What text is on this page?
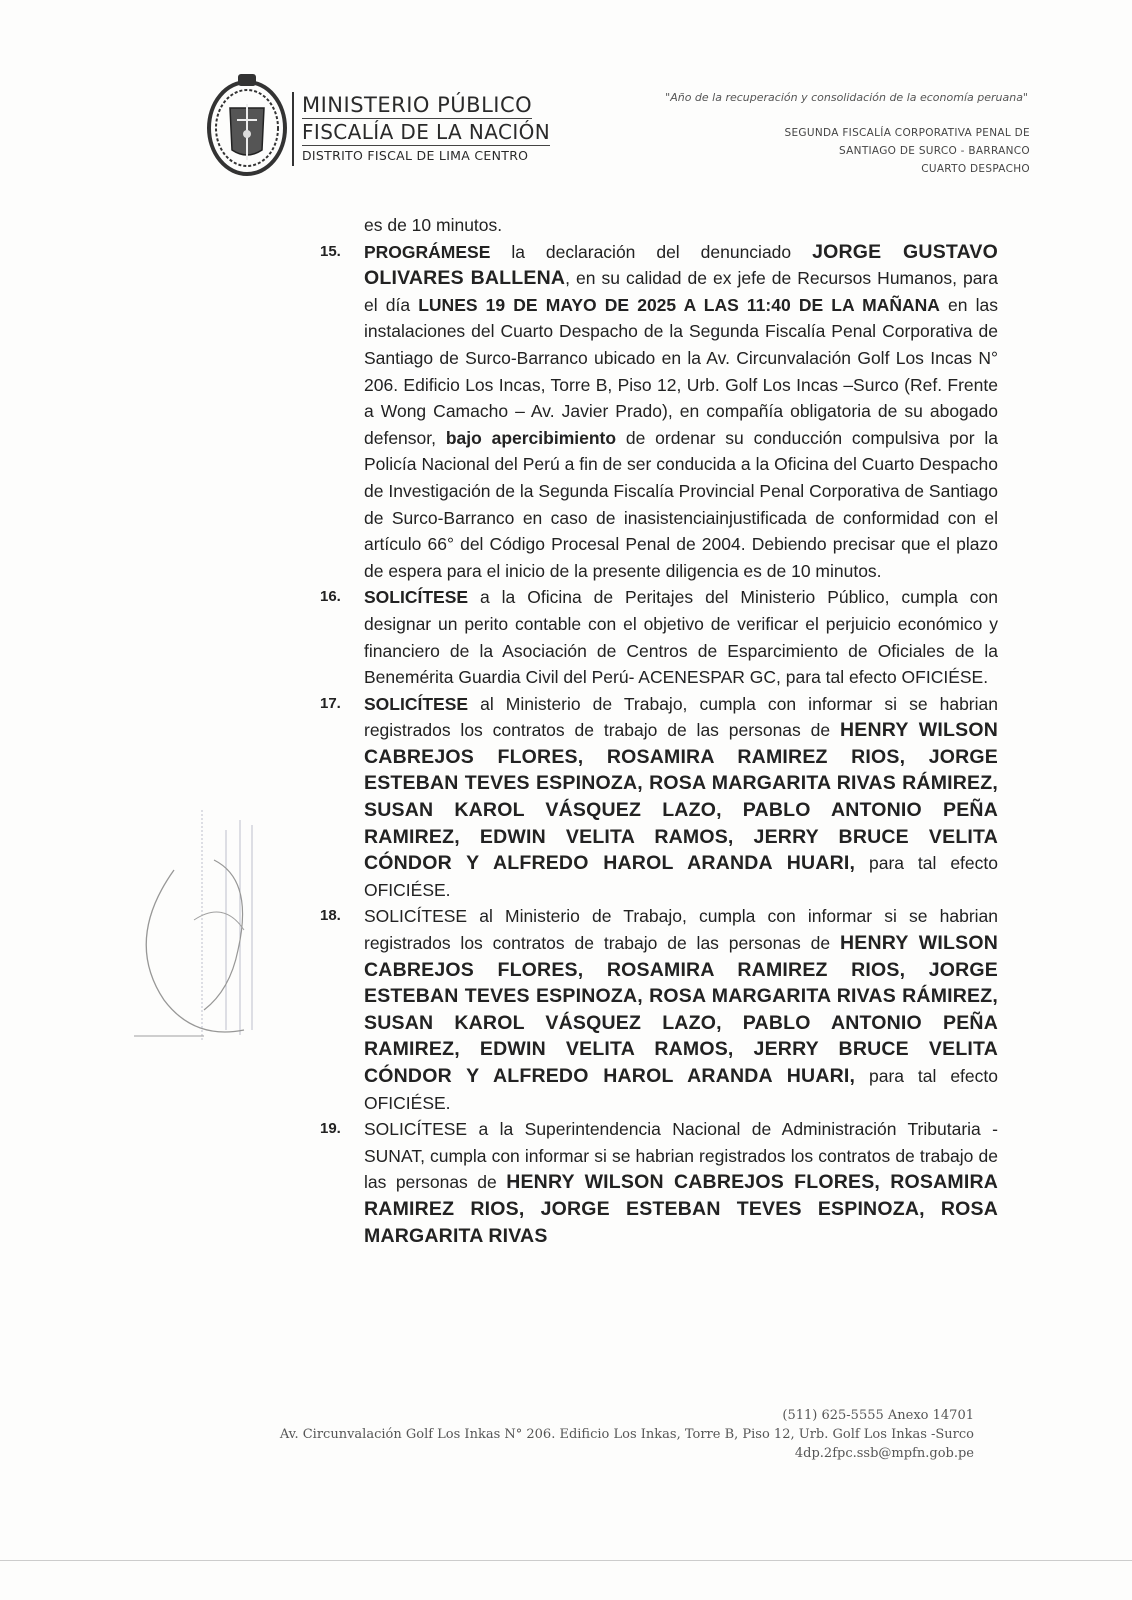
MINISTERIO PÚBLICO
FISCALÍA DE LA NACIÓN
DISTRITO FISCAL DE LIMA CENTRO
"Año de la recuperación y consolidación de la economía peruana"
SEGUNDA FISCALÍA CORPORATIVA PENAL DE
SANTIAGO DE SURCO - BARRANCO
CUARTO DESPACHO

es de 10 minutos.

15. PROGRÁMESE la declaración del denunciado JORGE GUSTAVO OLIVARES BALLENA, en su calidad de ex jefe de Recursos Humanos, para el día LUNES 19 DE MAYO DE 2025 A LAS 11:40 DE LA MAÑANA en las instalaciones del Cuarto Despacho de la Segunda Fiscalía Penal Corporativa de Santiago de Surco-Barranco ubicado en la Av. Circunvalación Golf Los Incas N° 206. Edificio Los Incas, Torre B, Piso 12, Urb. Golf Los Incas –Surco (Ref. Frente a Wong Camacho – Av. Javier Prado), en compañía obligatoria de su abogado defensor, bajo apercibimiento de ordenar su conducción compulsiva por la Policía Nacional del Perú a fin de ser conducida a la Oficina del Cuarto Despacho de Investigación de la Segunda Fiscalía Provincial Penal Corporativa de Santiago de Surco-Barranco en caso de inasistenciainjustificada de conformidad con el artículo 66° del Código Procesal Penal de 2004. Debiendo precisar que el plazo de espera para el inicio de la presente diligencia es de 10 minutos.
16. SOLICÍTESE a la Oficina de Peritajes del Ministerio Público, cumpla con designar un perito contable con el objetivo de verificar el perjuicio económico y financiero de la Asociación de Centros de Esparcimiento de Oficiales de la Benemérita Guardia Civil del Perú- ACENESPAR GC, para tal efecto OFICIÉSE.
17. SOLICÍTESE al Ministerio de Trabajo, cumpla con informar si se habrian registrados los contratos de trabajo de las personas de HENRY WILSON CABREJOS FLORES, ROSAMIRA RAMIREZ RIOS, JORGE ESTEBAN TEVES ESPINOZA, ROSA MARGARITA RIVAS RÁMIREZ, SUSAN KAROL VÁSQUEZ LAZO, PABLO ANTONIO PEÑA RAMIREZ, EDWIN VELITA RAMOS, JERRY BRUCE VELITA CÓNDOR Y ALFREDO HAROL ARANDA HUARI, para tal efecto OFICIÉSE.
18. SOLICÍTESE al Ministerio de Trabajo, cumpla con informar si se habrian registrados los contratos de trabajo de las personas de HENRY WILSON CABREJOS FLORES, ROSAMIRA RAMIREZ RIOS, JORGE ESTEBAN TEVES ESPINOZA, ROSA MARGARITA RIVAS RÁMIREZ, SUSAN KAROL VÁSQUEZ LAZO, PABLO ANTONIO PEÑA RAMIREZ, EDWIN VELITA RAMOS, JERRY BRUCE VELITA CÓNDOR Y ALFREDO HAROL ARANDA HUARI, para tal efecto OFICIÉSE.
19. SOLICÍTESE a la Superintendencia Nacional de Administración Tributaria - SUNAT, cumpla con informar si se habrian registrados los contratos de trabajo de las personas de HENRY WILSON CABREJOS FLORES, ROSAMIRA RAMIREZ RIOS, JORGE ESTEBAN TEVES ESPINOZA, ROSA MARGARITA RIVAS
(511) 625-5555 Anexo 14701
Av. Circunvalación Golf Los Inkas N° 206. Edificio Los Inkas, Torre B, Piso 12, Urb. Golf Los Inkas -Surco
4dp.2fpc.ssb@mpfn.gob.pe
